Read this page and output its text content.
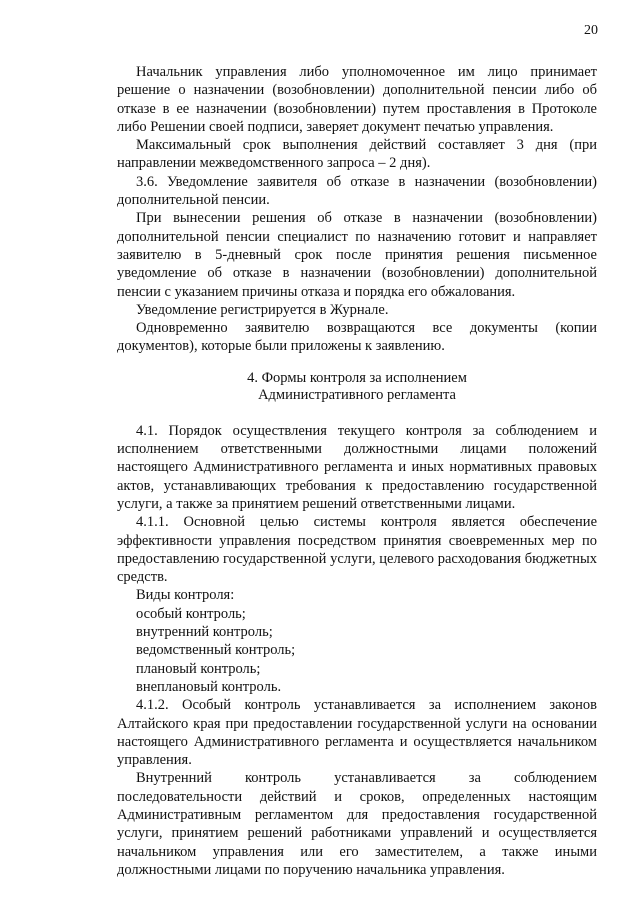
20

Начальник управления либо уполномоченное им лицо принимает решение о назначении (возобновлении) дополнительной пенсии либо об отказе в ее назначении (возобновлении) путем проставления в Протоколе либо Решении своей подписи, заверяет документ печатью управления.

Максимальный срок выполнения действий составляет 3 дня (при направлении межведомственного запроса – 2 дня).

3.6. Уведомление заявителя об отказе в назначении (возобновлении) дополнительной пенсии.

При вынесении решения об отказе в назначении (возобновлении) дополнительной пенсии специалист по назначению готовит и направляет заявителю в 5-дневный срок после принятия решения письменное уведомление об отказе в назначении (возобновлении) дополнительной пенсии с указанием причины отказа и порядка его обжалования.

Уведомление регистрируется в Журнале.

Одновременно заявителю возвращаются все документы (копии документов), которые были приложены к заявлению.

4. Формы контроля за исполнением
Административного регламента

4.1. Порядок осуществления текущего контроля за соблюдением и исполнением ответственными должностными лицами положений настоящего Административного регламента и иных нормативных правовых актов, устанавливающих требования к предоставлению государственной услуги, а также за принятием решений ответственными лицами.

4.1.1. Основной целью системы контроля является обеспечение эффективности управления посредством принятия своевременных мер по предоставлению государственной услуги, целевого расходования бюджетных средств.

Виды контроля:

особый контроль;
внутренний контроль;
ведомственный контроль;
плановый контроль;
внеплановый контроль.

4.1.2. Особый контроль устанавливается за исполнением законов Алтайского края при предоставлении государственной услуги на основании настоящего Административного регламента и осуществляется начальником управления.

Внутренний контроль устанавливается за соблюдением последовательности действий и сроков, определенных настоящим Административным регламентом для предоставления государственной услуги, принятием решений работниками управлений и осуществляется начальником управления или его заместителем, а также иными должностными лицами по поручению начальника управления.
